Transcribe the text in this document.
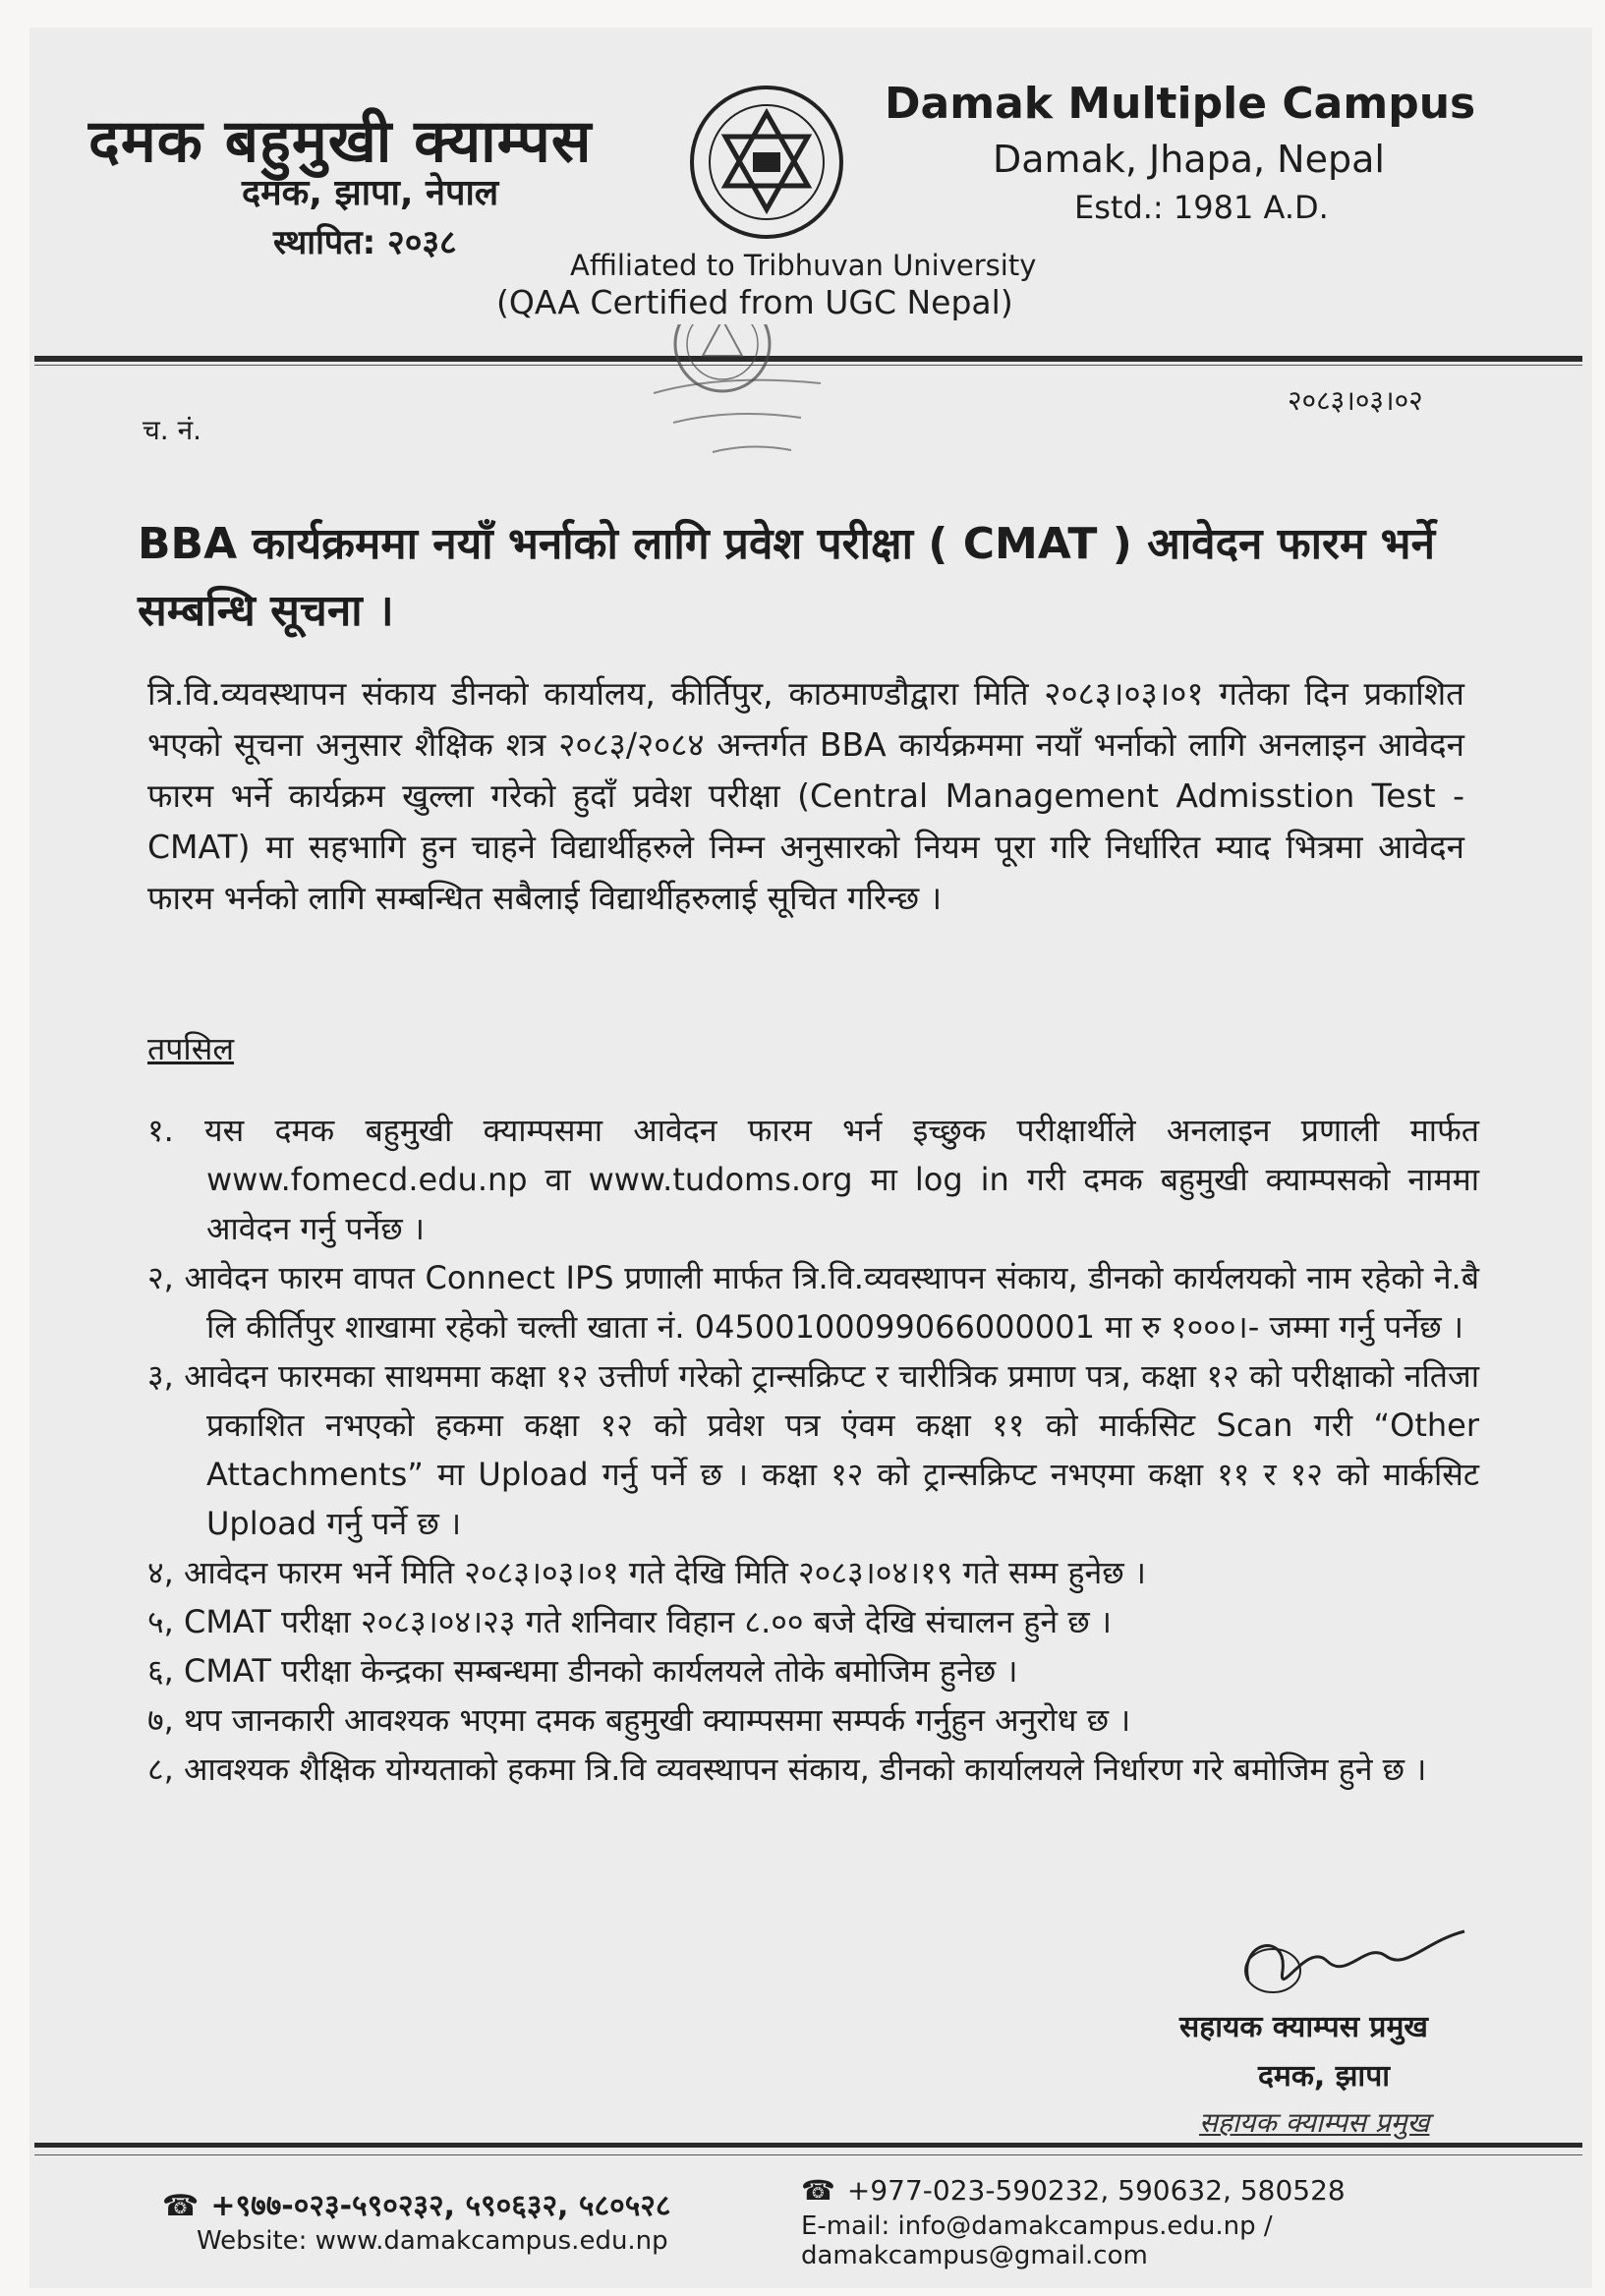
दमक बहुमुखी क्याम्पस
दमक, झापा, नेपाल
स्थापित: २०३८
Damak Multiple Campus
Damak, Jhapa, Nepal
Estd.: 1981 A.D.
Affiliated to Tribhuvan University
(QAA Certified from UGC Nepal)
च. नं.
२०८३।०३।०२
BBA कार्यक्रममा नयाँ भर्नाको लागि प्रवेश परीक्षा ( CMAT ) आवेदन फारम भर्ने सम्बन्धि सूचना ।
त्रि.वि.व्यवस्थापन संकाय डीनको कार्यालय, कीर्तिपुर, काठमाण्डौद्वारा मिति २०८३।०३।०१ गतेका दिन प्रकाशित भएको सूचना अनुसार शैक्षिक शत्र २०८३/२०८४ अन्तर्गत BBA कार्यक्रममा नयाँ भर्नाको लागि अनलाइन आवेदन फारम भर्ने कार्यक्रम खुल्ला गरेको हुदाँ प्रवेश परीक्षा (Central Management Admisstion Test - CMAT) मा सहभागि हुन चाहने विद्यार्थीहरुले निम्न अनुसारको नियम पूरा गरि निर्धारित म्याद भित्रमा आवेदन फारम भर्नको लागि सम्बन्धित सबैलाई विद्यार्थीहरुलाई सूचित गरिन्छ ।
तपसिल
१. यस दमक बहुमुखी क्याम्पसमा आवेदन फारम भर्न इच्छुक परीक्षार्थीले अनलाइन प्रणाली मार्फत www.fomecd.edu.np वा www.tudoms.org मा log in गरी दमक बहुमुखी क्याम्पसको नाममा आवेदन गर्नु पर्नेछ ।
२, आवेदन फारम वापत Connect IPS प्रणाली मार्फत त्रि.वि.व्यवस्थापन संकाय, डीनको कार्यलयको नाम रहेको ने.बै लि कीर्तिपुर शाखामा रहेको चल्ती खाता नं. 04500100099066000001 मा रु १०००।- जम्मा गर्नु पर्नेछ ।
३, आवेदन फारमका साथममा कक्षा १२ उत्तीर्ण गरेको ट्रान्सक्रिप्ट र चारीत्रिक प्रमाण पत्र, कक्षा १२ को परीक्षाको नतिजा प्रकाशित नभएको हकमा कक्षा १२ को प्रवेश पत्र एंवम कक्षा ११ को मार्कसिट Scan गरी “Other Attachments” मा Upload गर्नु पर्ने छ । कक्षा १२ को ट्रान्सक्रिप्ट नभएमा कक्षा ११ र १२ को मार्कसिट Upload गर्नु पर्ने छ ।
४, आवेदन फारम भर्ने मिति २०८३।०३।०१ गते देखि मिति २०८३।०४।१९ गते सम्म हुनेछ ।
५, CMAT परीक्षा २०८३।०४।२३ गते शनिवार विहान ८.०० बजे देखि संचालन हुने छ ।
६, CMAT परीक्षा केन्द्रका सम्बन्धमा डीनको कार्यलयले तोके बमोजिम हुनेछ ।
७, थप जानकारी आवश्यक भएमा दमक बहुमुखी क्याम्पसमा सम्पर्क गर्नुहुन अनुरोध छ ।
८, आवश्यक शैक्षिक योग्यताको हकमा त्रि.वि व्यवस्थापन संकाय, डीनको कार्यालयले निर्धारण गरे बमोजिम हुने छ ।
सहायक क्याम्पस प्रमुख
दमक, झापा
सहायक क्याम्पस प्रमुख
☎ +९७७-०२३-५९०२३२, ५९०६३२, ५८०५२८
Website: www.damakcampus.edu.np
☎ +977-023-590232, 590632, 580528
E-mail: info@damakcampus.edu.np / damakcampus@gmail.com
